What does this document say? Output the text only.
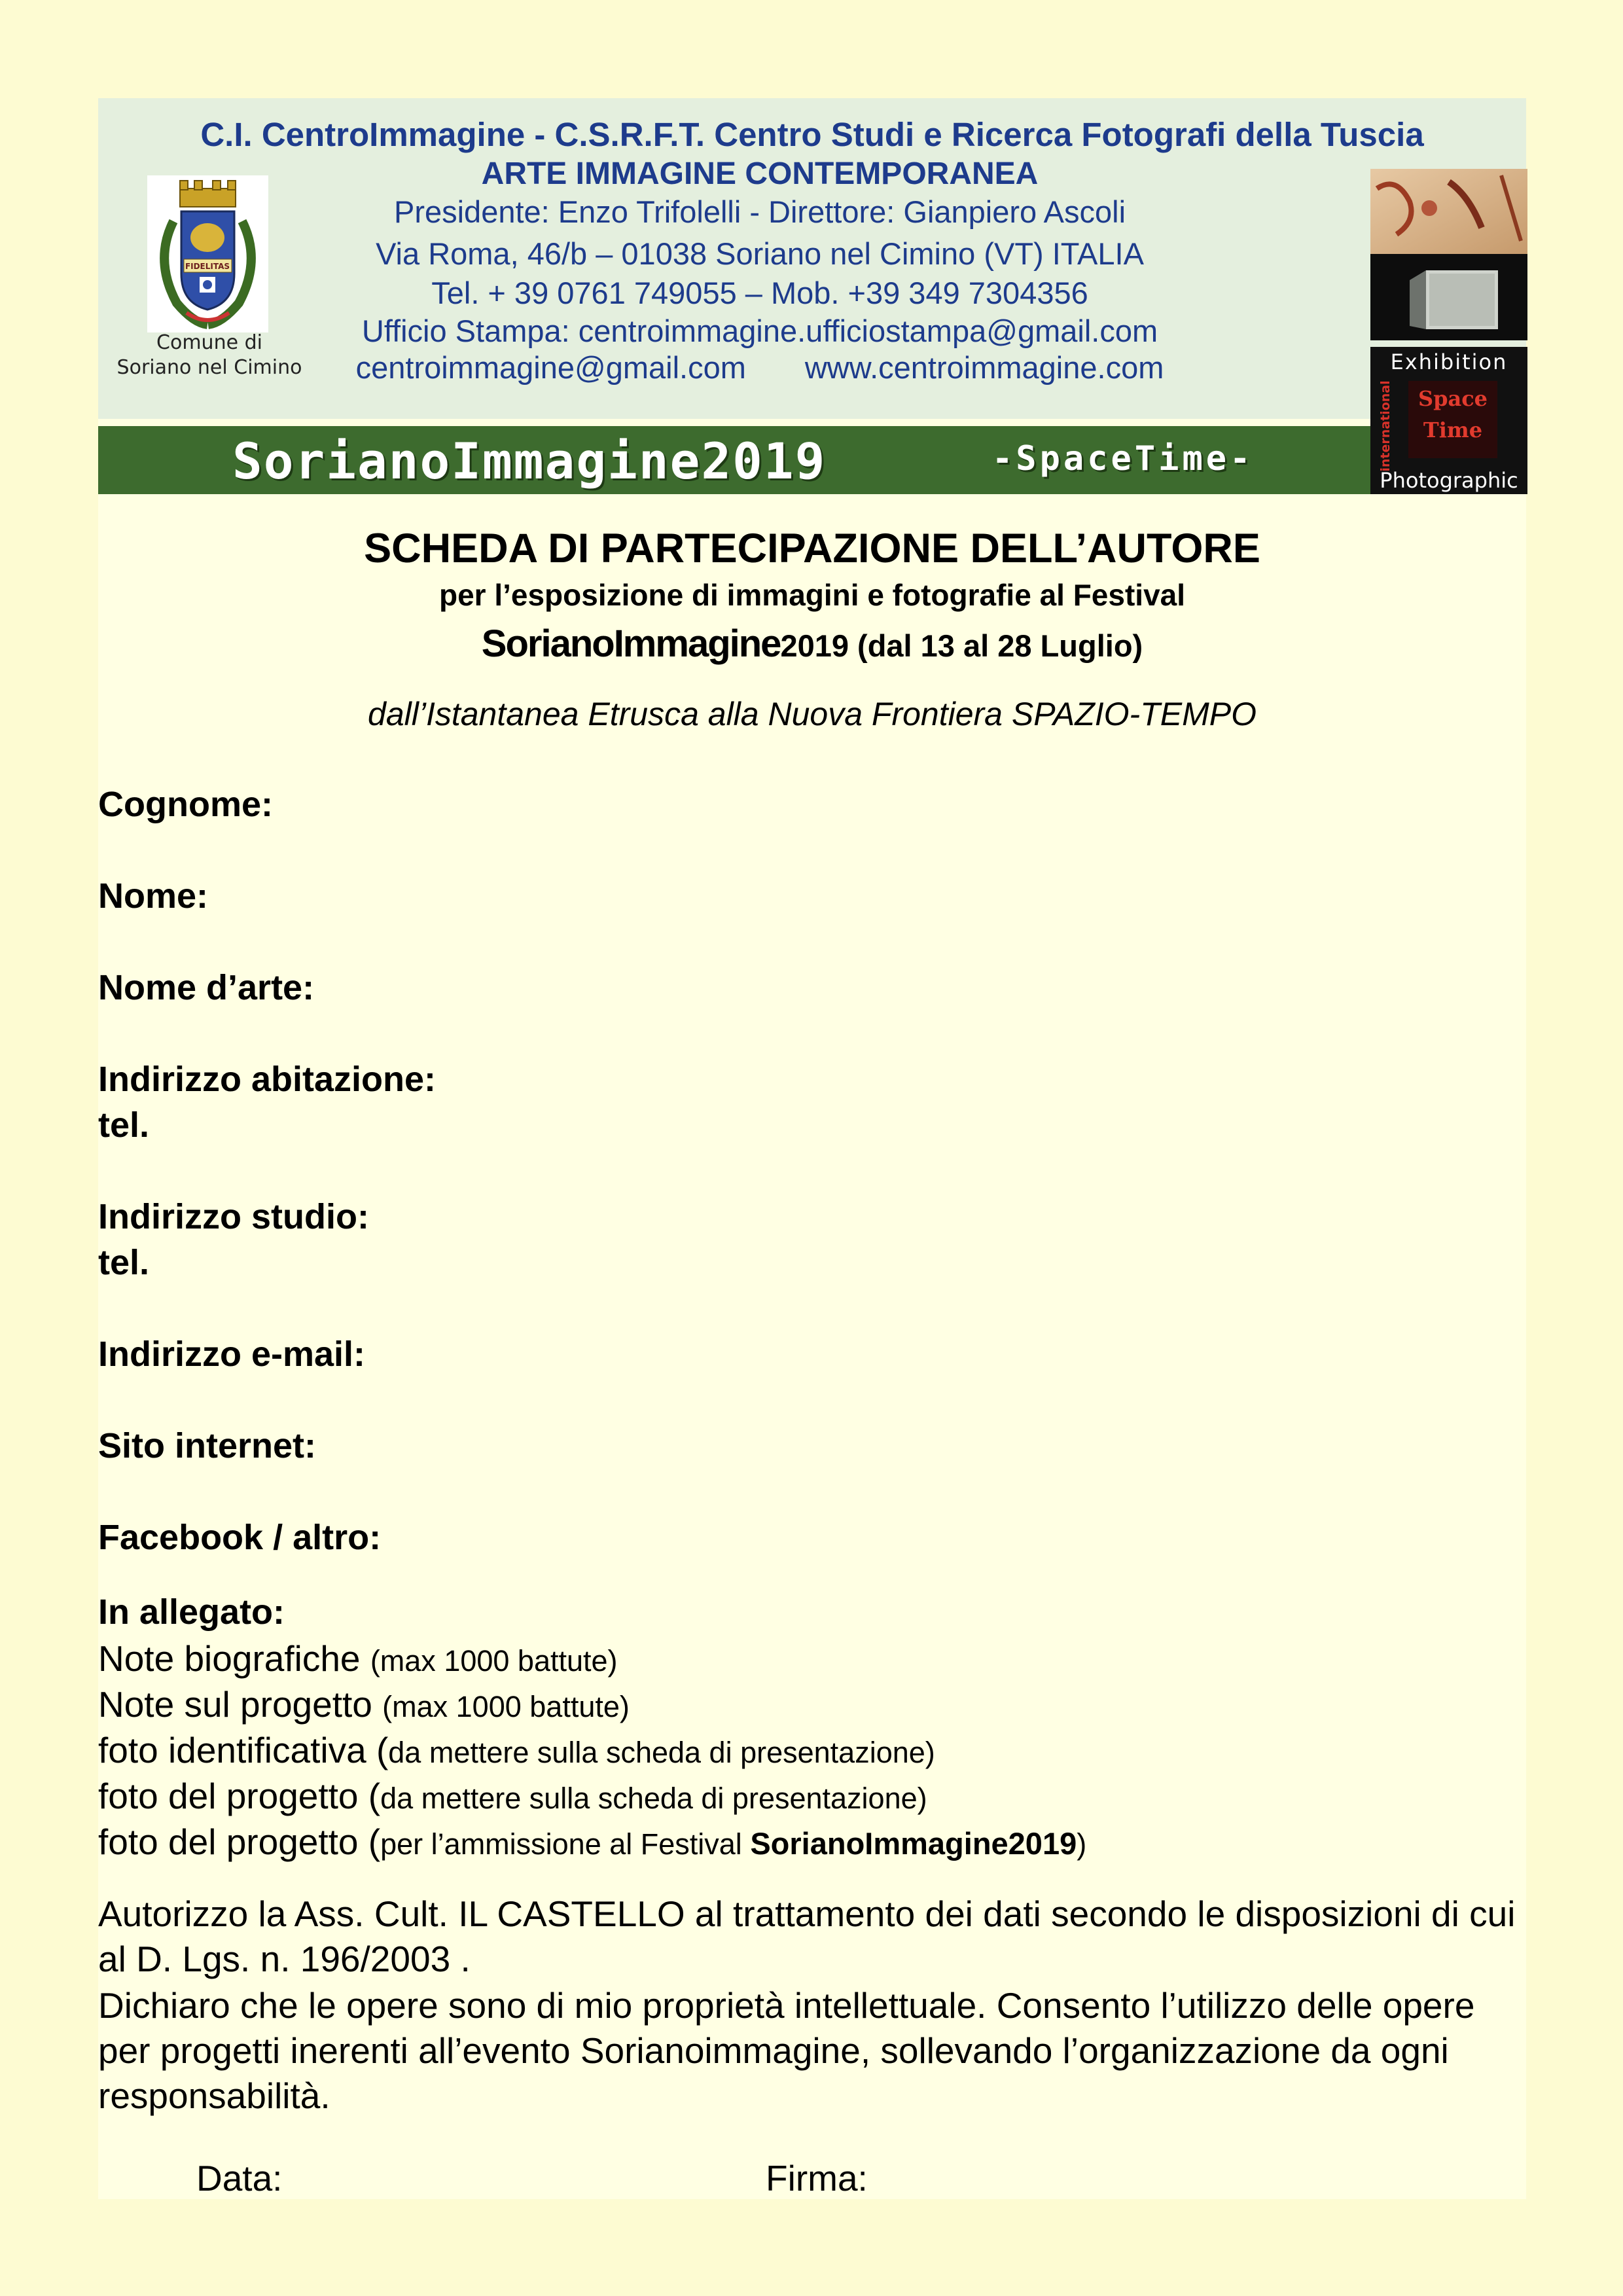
C.I. CentroImmagine - C.S.R.F.T. Centro Studi e Ricerca Fotografi della Tuscia
ARTE IMMAGINE CONTEMPORANEA
Presidente: Enzo Trifolelli - Direttore: Gianpiero Ascoli
Via Roma, 46/b – 01038 Soriano nel Cimino (VT) ITALIA
Tel. + 39 0761 749055 – Mob. +39 349 7304356
Ufficio Stampa: centroimmagine.ufficiostampa@gmail.com
centroimmagine@gmail.com www.centroimmagine.com
FIDELITAS
Comune di
Soriano nel Cimino	Exhibition
international	Space
Time
Photographic
SorianoImmagine2019	-SpaceTime-
SCHEDA DI PARTECIPAZIONE DELL’AUTORE
per l’esposizione di immagini e fotografie al Festival
SorianoImmagine2019 (dal 13 al 28 Luglio)
dall’Istantanea Etrusca alla Nuova Frontiera SPAZIO-TEMPO
Cognome:
Nome:
Nome d’arte:
Indirizzo abitazione:
tel.
Indirizzo studio:
tel.
Indirizzo e-mail:
Sito internet:
Facebook / altro:
In allegato:
Note biografiche (max 1000 battute)
Note sul progetto (max 1000 battute)
foto identificativa (da mettere sulla scheda di presentazione)
foto del progetto (da mettere sulla scheda di presentazione)
foto del progetto (per l’ammissione al Festival SorianoImmagine2019)
Autorizzo la Ass. Cult. IL CASTELLO al trattamento dei dati secondo le disposizioni di cui al D. Lgs. n. 196/2003 .
Dichiaro che le opere sono di mio proprietà intellettuale. Consento l’utilizzo delle opere per progetti inerenti all’evento Sorianoimmagine, sollevando l’organizzazione da ogni responsabilità.
Data:	Firma:
